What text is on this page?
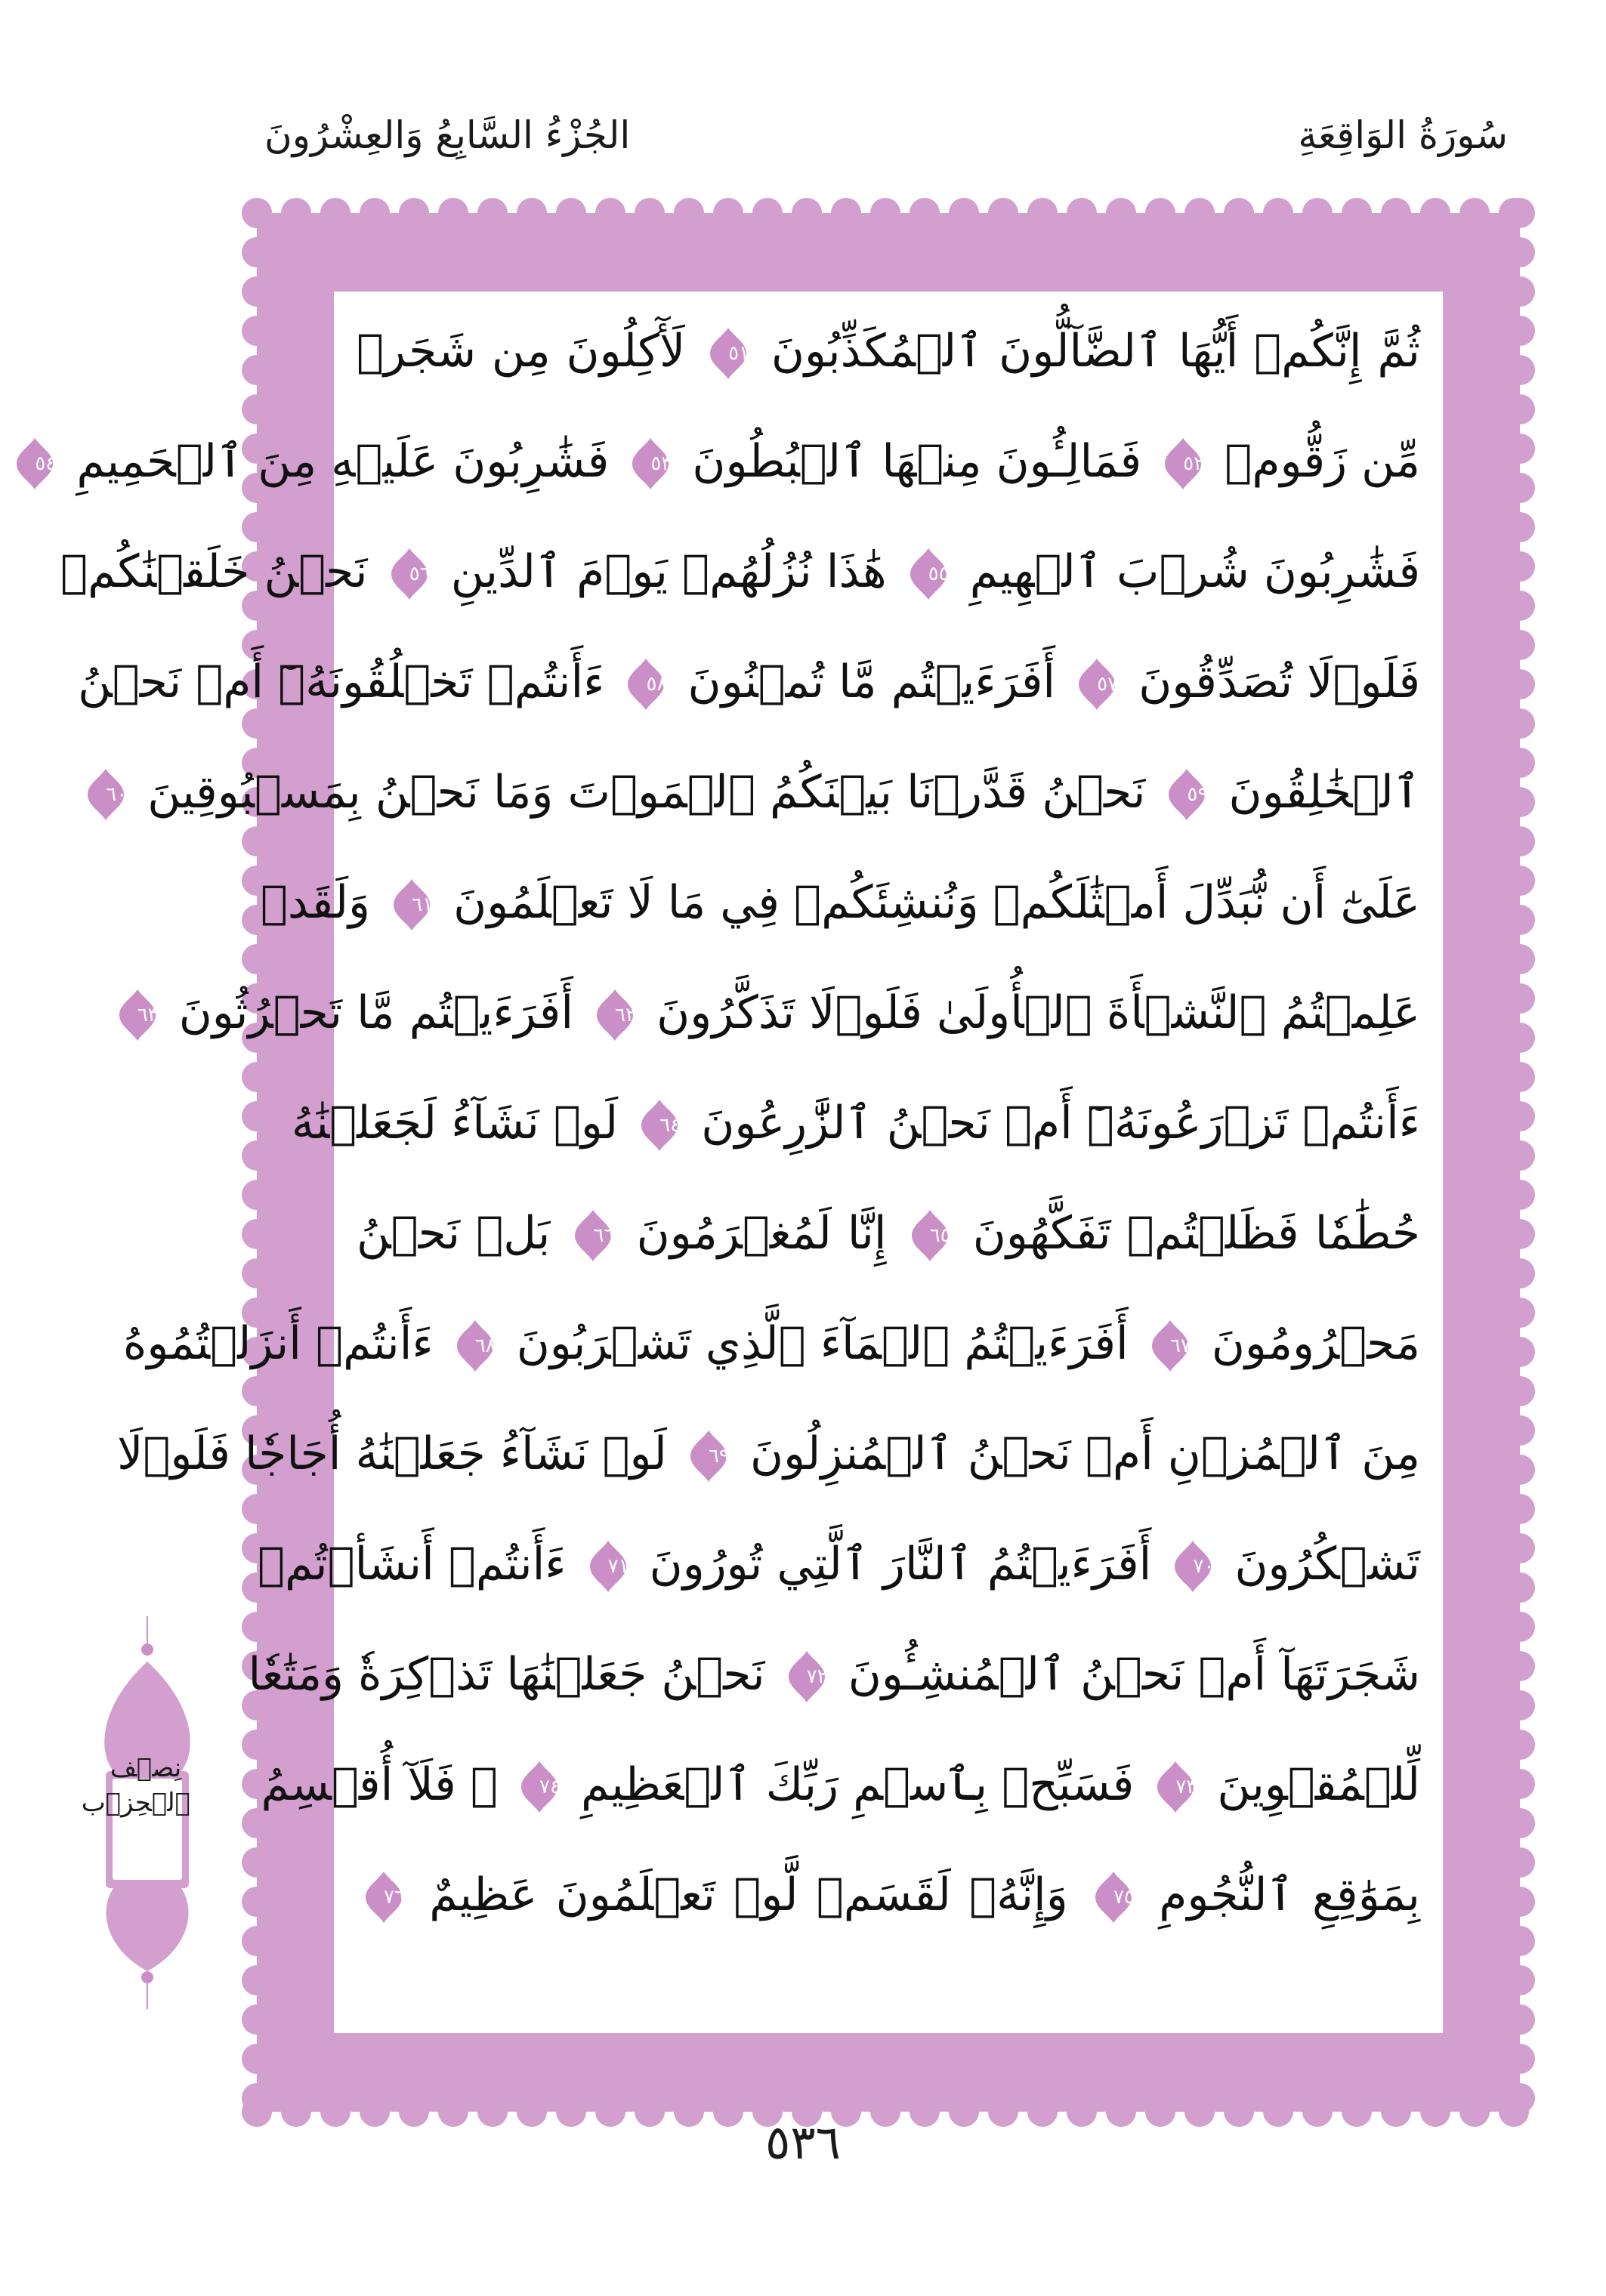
سُورَةُ الوَاقِعَةِ
الجُزْءُ السَّابِعُ وَالعِشْرُونَ
ثُمَّ إِنَّكُمۡ أَيُّهَا ٱلضَّآلُّونَ ٱلۡمُكَذِّبُونَ
٥١
لَأٓكِلُونَ مِن شَجَرٖ
مِّن زَقُّومٖ
٥٢
فَمَالِـُٔونَ مِنۡهَا ٱلۡبُطُونَ
٥٣
فَشَٰرِبُونَ عَلَيۡهِ مِنَ ٱلۡحَمِيمِ
٥٤
فَشَٰرِبُونَ شُرۡبَ ٱلۡهِيمِ
٥٥
هَٰذَا نُزُلُهُمۡ يَوۡمَ ٱلدِّينِ
٥٦
نَحۡنُ خَلَقۡنَٰكُمۡ
فَلَوۡلَا تُصَدِّقُونَ
٥٧
أَفَرَءَيۡتُم مَّا تُمۡنُونَ
٥٨
ءَأَنتُمۡ تَخۡلُقُونَهُۥٓ أَمۡ نَحۡنُ
ٱلۡخَٰلِقُونَ
٥٩
نَحۡنُ قَدَّرۡنَا بَيۡنَكُمُ ٱلۡمَوۡتَ وَمَا نَحۡنُ بِمَسۡبُوقِينَ
٦٠
عَلَىٰٓ أَن نُّبَدِّلَ أَمۡثَٰلَكُمۡ وَنُنشِئَكُمۡ فِي مَا لَا تَعۡلَمُونَ
٦١
وَلَقَدۡ
عَلِمۡتُمُ ٱلنَّشۡأَةَ ٱلۡأُولَىٰ فَلَوۡلَا تَذَكَّرُونَ
٦٢
أَفَرَءَيۡتُم مَّا تَحۡرُثُونَ
٦٣
ءَأَنتُمۡ تَزۡرَعُونَهُۥٓ أَمۡ نَحۡنُ ٱلزَّٰرِعُونَ
٦٤
لَوۡ نَشَآءُ لَجَعَلۡنَٰهُ
حُطَٰمٗا فَظَلۡتُمۡ تَفَكَّهُونَ
٦٥
إِنَّا لَمُغۡرَمُونَ
٦٦
بَلۡ نَحۡنُ
مَحۡرُومُونَ
٦٧
أَفَرَءَيۡتُمُ ٱلۡمَآءَ ٱلَّذِي تَشۡرَبُونَ
٦٨
ءَأَنتُمۡ أَنزَلۡتُمُوهُ
مِنَ ٱلۡمُزۡنِ أَمۡ نَحۡنُ ٱلۡمُنزِلُونَ
٦٩
لَوۡ نَشَآءُ جَعَلۡنَٰهُ أُجَاجٗا فَلَوۡلَا
تَشۡكُرُونَ
٧٠
أَفَرَءَيۡتُمُ ٱلنَّارَ ٱلَّتِي تُورُونَ
٧١
ءَأَنتُمۡ أَنشَأۡتُمۡ
شَجَرَتَهَآ أَمۡ نَحۡنُ ٱلۡمُنشِـُٔونَ
٧٢
نَحۡنُ جَعَلۡنَٰهَا تَذۡكِرَةٗ وَمَتَٰعٗا
لِّلۡمُقۡوِينَ
٧٣
فَسَبِّحۡ بِٱسۡمِ رَبِّكَ ٱلۡعَظِيمِ
٧٤
۞ فَلَآ أُقۡسِمُ
بِمَوَٰقِعِ ٱلنُّجُومِ
٧٥
وَإِنَّهُۥ لَقَسَمٞ لَّوۡ تَعۡلَمُونَ عَظِيمٌ
٧٦
نِصۡف
ٱلۡحِزۡب
٥٣٦
